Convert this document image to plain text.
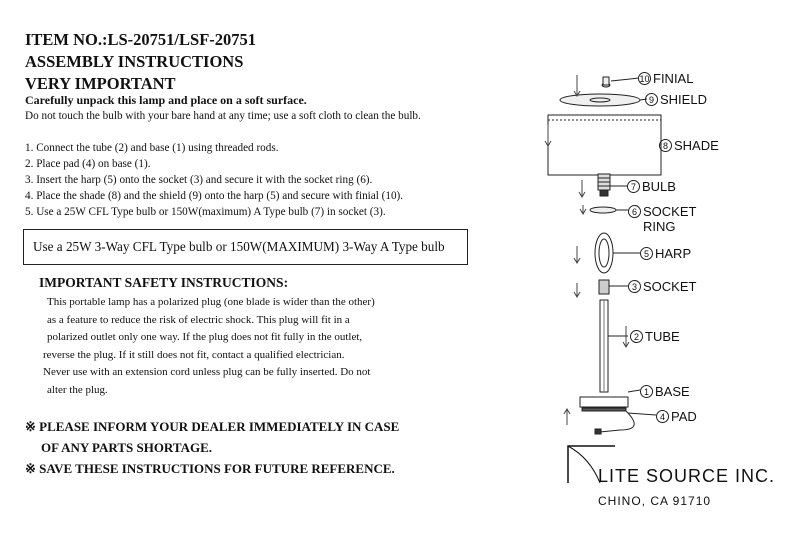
ITEM NO.:LS-20751/LSF-20751
ASSEMBLY INSTRUCTIONS
VERY IMPORTANT
Carefully unpack this lamp and place on a soft surface.
Do not touch the bulb with your bare hand at any time; use a soft cloth to clean the bulb.
1. Connect the tube (2) and base (1) using threaded rods.
2. Place pad (4) on base (1).
3. Insert the harp (5) onto the socket (3) and secure it with the socket ring (6).
4. Place the shade (8) and the shield (9) onto the harp (5) and secure with finial (10).
5. Use a 25W CFL Type bulb or 150W(maximum) A Type bulb (7) in socket (3).
Use a 25W 3-Way CFL Type bulb or 150W(MAXIMUM) 3-Way A Type bulb
IMPORTANT SAFETY INSTRUCTIONS:
This portable lamp has a polarized plug (one blade is wider than the other)
as a feature to reduce the risk of electric shock. This plug will fit in a
polarized outlet only one way. If the plug does not fit fully in the outlet,
reverse the plug. If it still does not fit, contact a qualified electrician.
Never use with an extension cord unless plug can be fully inserted. Do not
alter the plug.
※ PLEASE INFORM YOUR DEALER IMMEDIATELY IN CASE
OF ANY PARTS SHORTAGE.
※ SAVE THESE INSTRUCTIONS FOR FUTURE REFERENCE.
10 FINIAL
9 SHIELD
8 SHADE
7 BULB
6 SOCKET
RING
5 HARP
3 SOCKET
2 TUBE
1 BASE
4 PAD
LITE SOURCE INC.
CHINO, CA 91710
